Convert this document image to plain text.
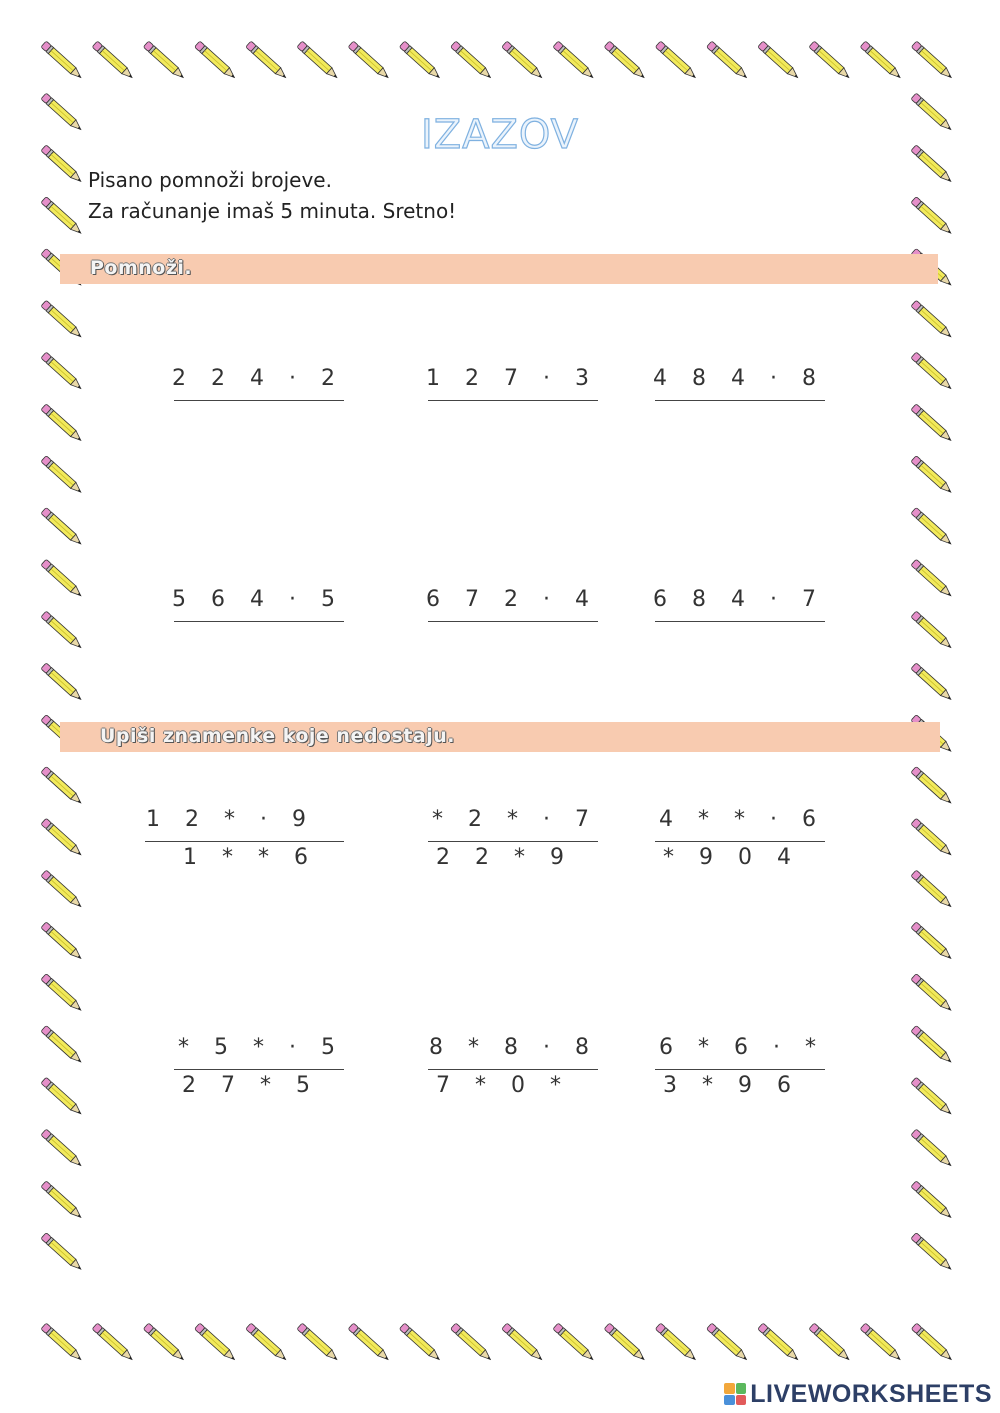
IZAZOV
Pisano pomnoži brojeve.
Za računanje imaš 5 minuta. Sretno!
Pomnoži.
2 2 4 · 2	1 2 7 · 3	4 8 4 · 8
5 6 4 · 5	6 7 2 · 4	6 8 4 · 7
Upiši znamenke koje nedostaju.
1 2 * · 9
1 * * 6
* 2 * · 7
2 2 * 9
4 * * · 6
* 9 0 4
* 5 * · 5
2 7 * 5
8 * 8 · 8
7 * 0 *
6 * 6 · *
3 * 9 6
LIVEWORKSHEETS
